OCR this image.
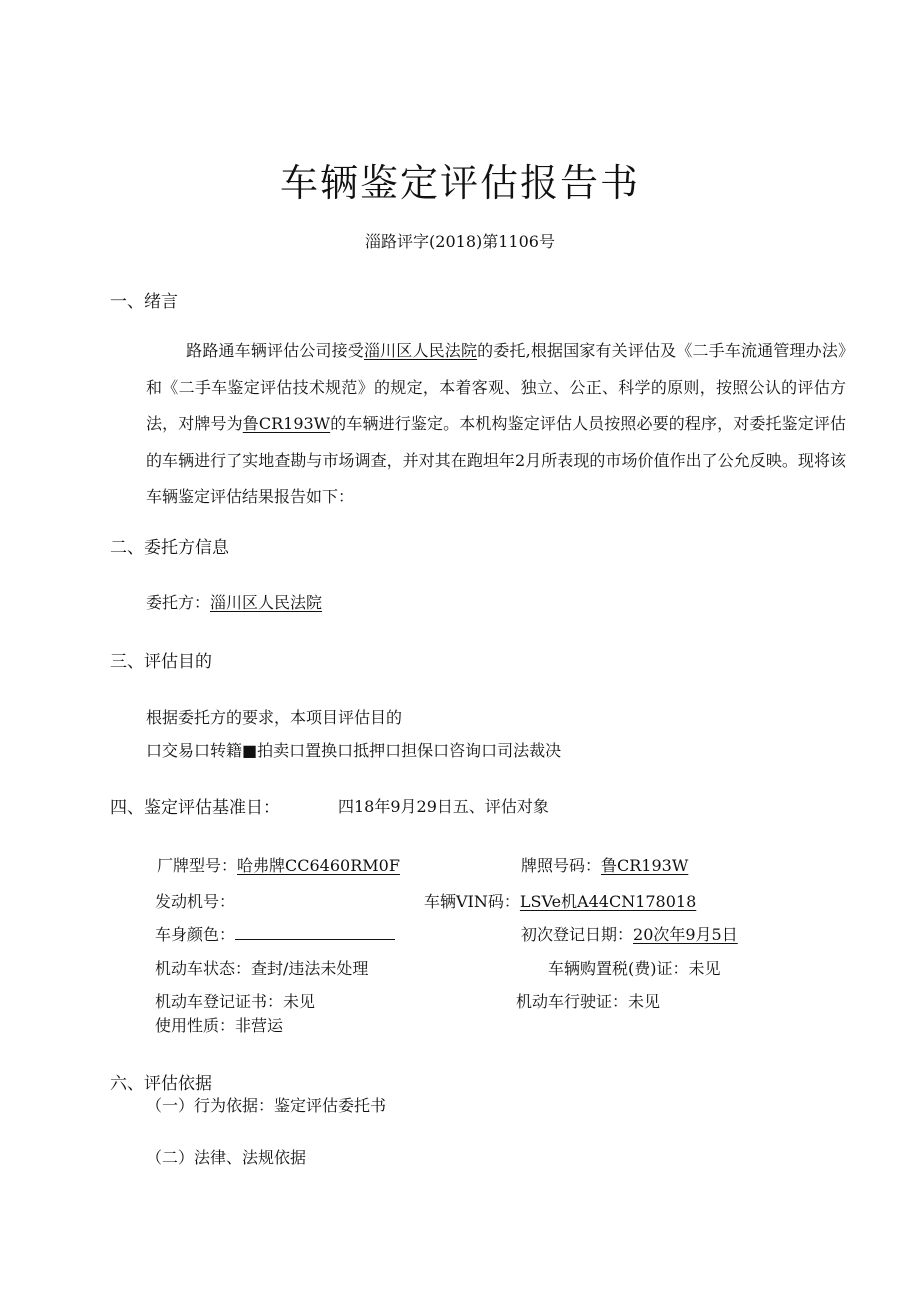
车辆鉴定评估报告书
淄路评字(2018)第1106号
一、绪言
路路通车辆评估公司接受淄川区人民法院的委托,根据国家有关评估及《二手车流通管理办法》和《二手车鉴定评估技术规范》的规定，本着客观、独立、公正、科学的原则，按照公认的评估方法，对牌号为鲁CR193W的车辆进行鉴定。本机构鉴定评估人员按照必要的程序，对委托鉴定评估的车辆进行了实地查勘与市场调查，并对其在跑坦年2月所表现的市场价值作出了公允反映。现将该车辆鉴定评估结果报告如下：
二、委托方信息
委托方：淄川区人民法院
三、评估目的
根据委托方的要求，本项目评估目的
口交易口转籍■拍卖口置换口抵押口担保口咨询口司法裁决
四、鉴定评估基准日：	四18年9月29日五、评估对象
厂牌型号：哈弗牌CC6460RM0F	牌照号码：鲁CR193W
发动机号：	车辆VIN码：LSVe机A44CN178018
车身颜色：	初次登记日期：20次年9月5日
机动车状态：查封/违法未处理	车辆购置税(费)证：未见
机动车登记证书：未见	机动车行驶证：未见
使用性质：非营运
六、评估依据
（一）行为依据：鉴定评估委托书
（二）法律、法规依据
